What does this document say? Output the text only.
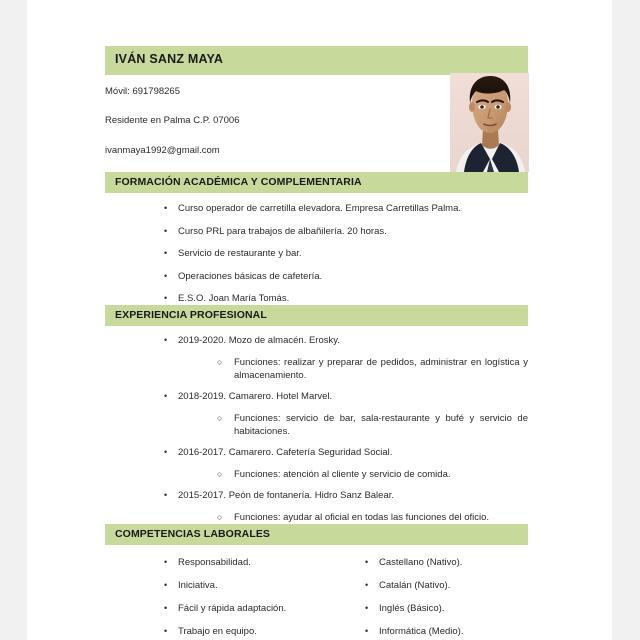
IVÁN SANZ MAYA
Móvil: 691798265
Residente en Palma C.P. 07006
ivanmaya1992@gmail.com
FORMACIÓN ACADÉMICA Y COMPLEMENTARIA
•	Curso operador de carretilla elevadora. Empresa Carretillas Palma.
•	Curso PRL para trabajos de albañilería. 20 horas.
•	Servicio de restaurante y bar.
•	Operaciones básicas de cafetería.
•	E.S.O. Joan María Tomás.
EXPERIENCIA PROFESIONAL
•	2019-2020. Mozo de almacén. Erosky.
○	Funciones: realizar y preparar de pedidos, administrar en logística y almacenamiento.
•	2018-2019. Camarero. Hotel Marvel.
○	Funciones: servicio de bar, sala-restaurante y bufé y servicio de habitaciones.
•	2016-2017. Camarero. Cafetería Seguridad Social.
○	Funciones: atención al cliente y servicio de comida.
•	2015-2017. Peón de fontanería. Hidro Sanz Balear.
○	Funciones: ayudar al oficial en todas las funciones del oficio.
COMPETENCIAS LABORALES
•	Responsabilidad.
•	Iniciativa.
•	Fácil y rápida adaptación.
•	Trabajo en equipo.
•	Castellano (Nativo).
•	Catalán (Nativo).
•	Inglés (Básico).
•	Informática (Medio).
